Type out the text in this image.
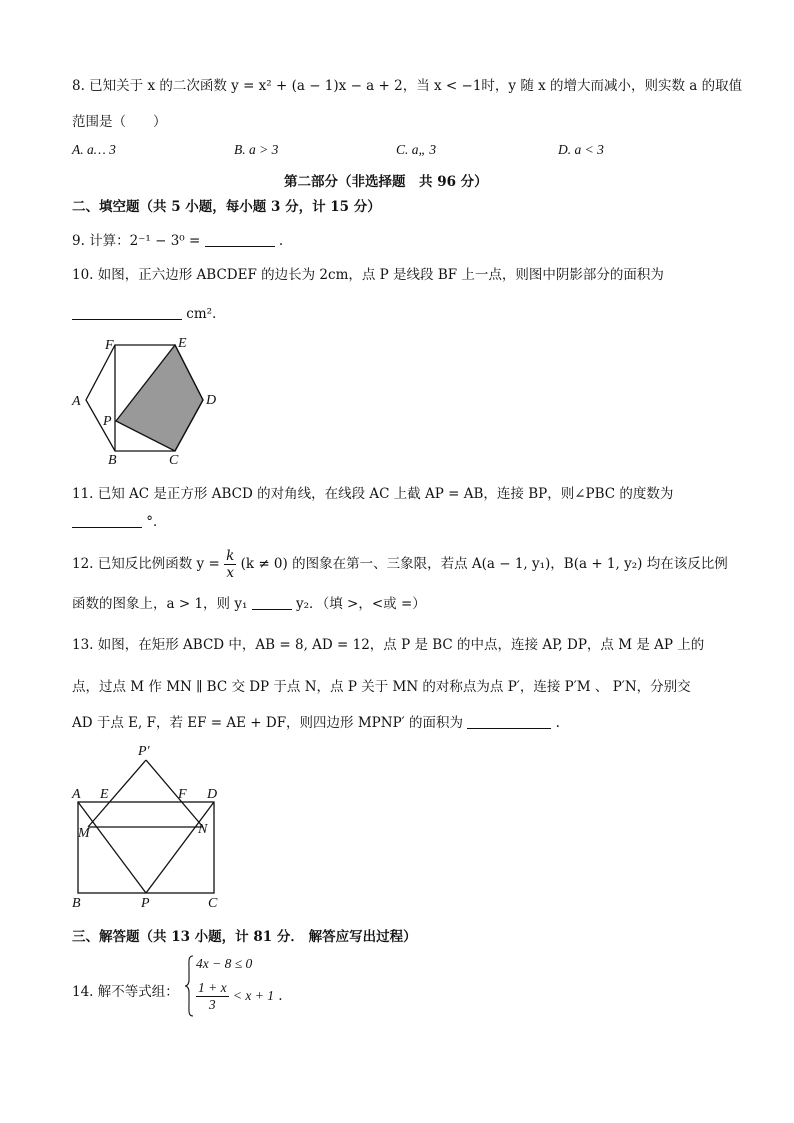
8. 已知关于 x 的二次函数 y = x² + (a − 1)x − a + 2，当 x < −1时，y 随 x 的增大而减小，则实数 a 的取值
范围是（　　）
A. a… 3	B. a > 3	C. a„ 3	D. a < 3
第二部分（非选择题　共 96 分）
二、填空题（共 5 小题，每小题 3 分，计 15 分）
9. 计算：2⁻¹ − 3⁰ =	.
10. 如图，正六边形 ABCDEF 的边长为 2cm，点 P 是线段 BF 上一点，则图中阴影部分的面积为
cm²．
F	E
A	D
P
B	C
11. 已知 AC 是正方形 ABCD 的对角线，在线段 AC 上截 AP = AB，连接 BP，则∠PBC 的度数为
°．
12. 已知反比例函数 $y = \frac{k}{x} (k \ne 0)$ 的图象在第一、三象限，若点 A(a − 1, y₁)，B(a + 1, y₂) 均在该反比例
函数的图象上，a > 1，则 y₁	y₂．（填 >，<或 =）
13. 如图，在矩形 ABCD 中，AB = 8, AD = 12，点 P 是 BC 的中点，连接 AP, DP，点 M 是 AP 上的
点，过点 M 作 MN ∥ BC 交 DP 于点 N，点 P 关于 MN 的对称点为点 P′，连接 P′M 、 P′N，分别交
AD 于点 E, F，若 EF = AE + DF，则四边形 MPNP′ 的面积为	.
P′
A E	F D
M	N
B	P	C
三、解答题（共 13 小题，计 81 分． 解答应写出过程）
14. 解不等式组：
4x − 8 ≤ 0
$\frac{1 + x}{3} < x + 1$ .
